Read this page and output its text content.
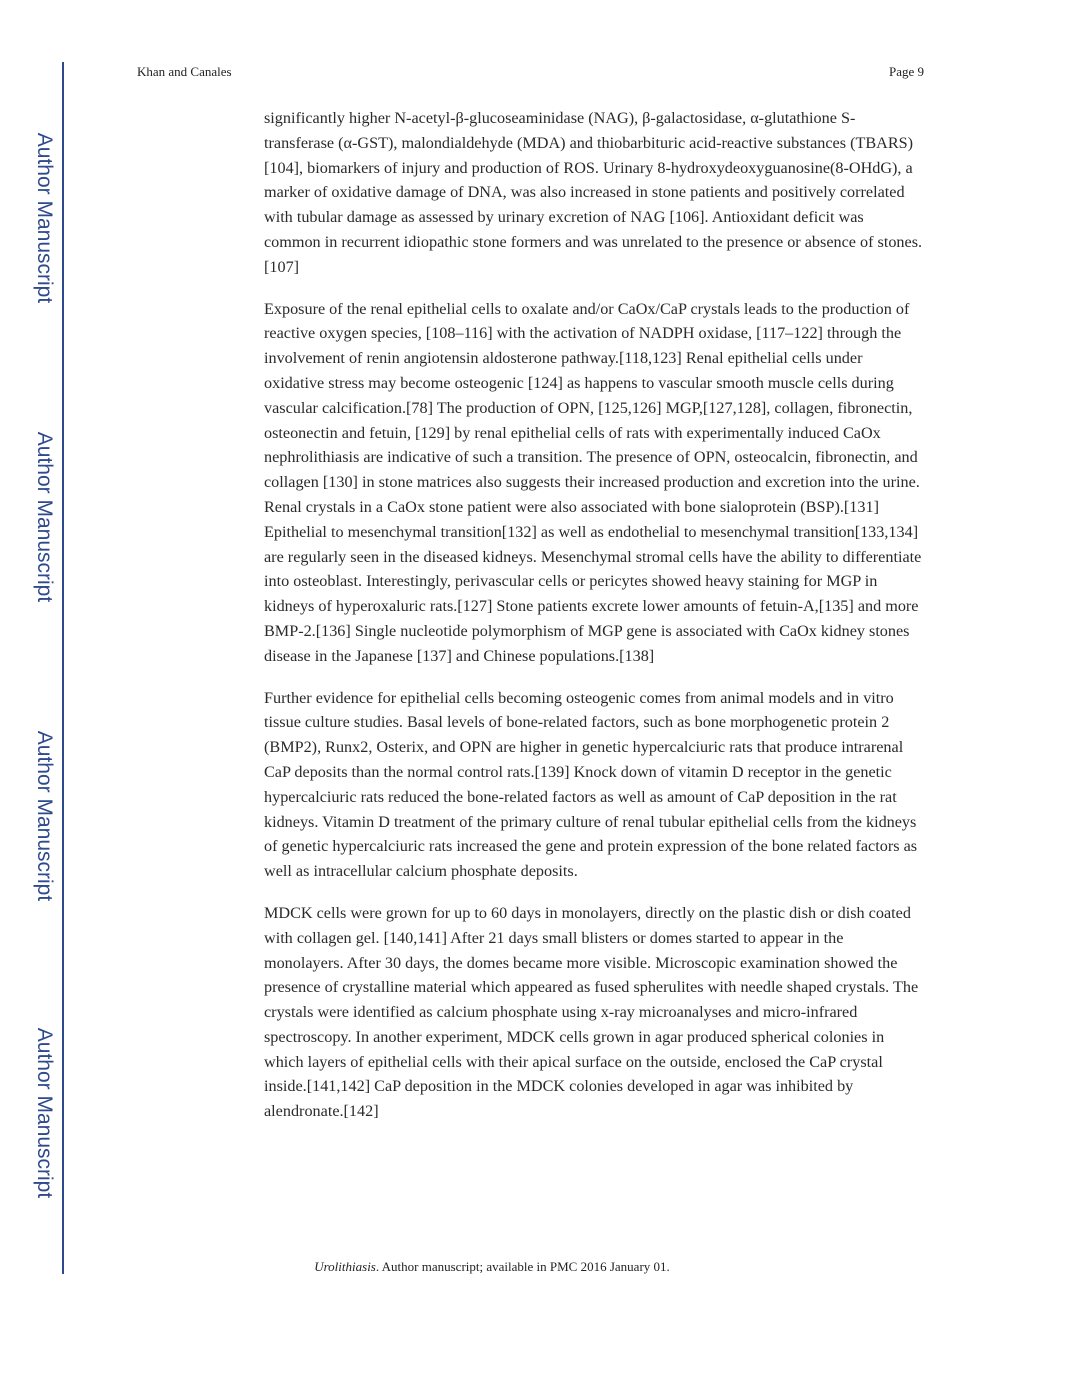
Author Manuscript
Author Manuscript
Author Manuscript
Author Manuscript
Khan and Canales	Page 9

significantly higher N-acetyl-β-glucoseaminidase (NAG), β-galactosidase, α-glutathione S-transferase (α-GST), malondialdehyde (MDA) and thiobarbituric acid-reactive substances (TBARS) [104], biomarkers of injury and production of ROS. Urinary 8-hydroxydeoxyguanosine(8-OHdG), a marker of oxidative damage of DNA, was also increased in stone patients and positively correlated with tubular damage as assessed by urinary excretion of NAG [106]. Antioxidant deficit was common in recurrent idiopathic stone formers and was unrelated to the presence or absence of stones. [107]

Exposure of the renal epithelial cells to oxalate and/or CaOx/CaP crystals leads to the production of reactive oxygen species, [108–116] with the activation of NADPH oxidase, [117–122] through the involvement of renin angiotensin aldosterone pathway.[118,123] Renal epithelial cells under oxidative stress may become osteogenic [124] as happens to vascular smooth muscle cells during vascular calcification.[78] The production of OPN, [125,126] MGP,[127,128], collagen, fibronectin, osteonectin and fetuin, [129] by renal epithelial cells of rats with experimentally induced CaOx nephrolithiasis are indicative of such a transition. The presence of OPN, osteocalcin, fibronectin, and collagen [130] in stone matrices also suggests their increased production and excretion into the urine. Renal crystals in a CaOx stone patient were also associated with bone sialoprotein (BSP).[131] Epithelial to mesenchymal transition[132] as well as endothelial to mesenchymal transition[133,134] are regularly seen in the diseased kidneys. Mesenchymal stromal cells have the ability to differentiate into osteoblast. Interestingly, perivascular cells or pericytes showed heavy staining for MGP in kidneys of hyperoxaluric rats.[127] Stone patients excrete lower amounts of fetuin-A,[135] and more BMP-2.[136] Single nucleotide polymorphism of MGP gene is associated with CaOx kidney stones disease in the Japanese [137] and Chinese populations.[138]

Further evidence for epithelial cells becoming osteogenic comes from animal models and in vitro tissue culture studies. Basal levels of bone-related factors, such as bone morphogenetic protein 2 (BMP2), Runx2, Osterix, and OPN are higher in genetic hypercalciuric rats that produce intrarenal CaP deposits than the normal control rats.[139] Knock down of vitamin D receptor in the genetic hypercalciuric rats reduced the bone-related factors as well as amount of CaP deposition in the rat kidneys. Vitamin D treatment of the primary culture of renal tubular epithelial cells from the kidneys of genetic hypercalciuric rats increased the gene and protein expression of the bone related factors as well as intracellular calcium phosphate deposits.

MDCK cells were grown for up to 60 days in monolayers, directly on the plastic dish or dish coated with collagen gel. [140,141] After 21 days small blisters or domes started to appear in the monolayers. After 30 days, the domes became more visible. Microscopic examination showed the presence of crystalline material which appeared as fused spherulites with needle shaped crystals. The crystals were identified as calcium phosphate using x-ray microanalyses and micro-infrared spectroscopy. In another experiment, MDCK cells grown in agar produced spherical colonies in which layers of epithelial cells with their apical surface on the outside, enclosed the CaP crystal inside.[141,142] CaP deposition in the MDCK colonies developed in agar was inhibited by alendronate.[142]

Urolithiasis. Author manuscript; available in PMC 2016 January 01.
